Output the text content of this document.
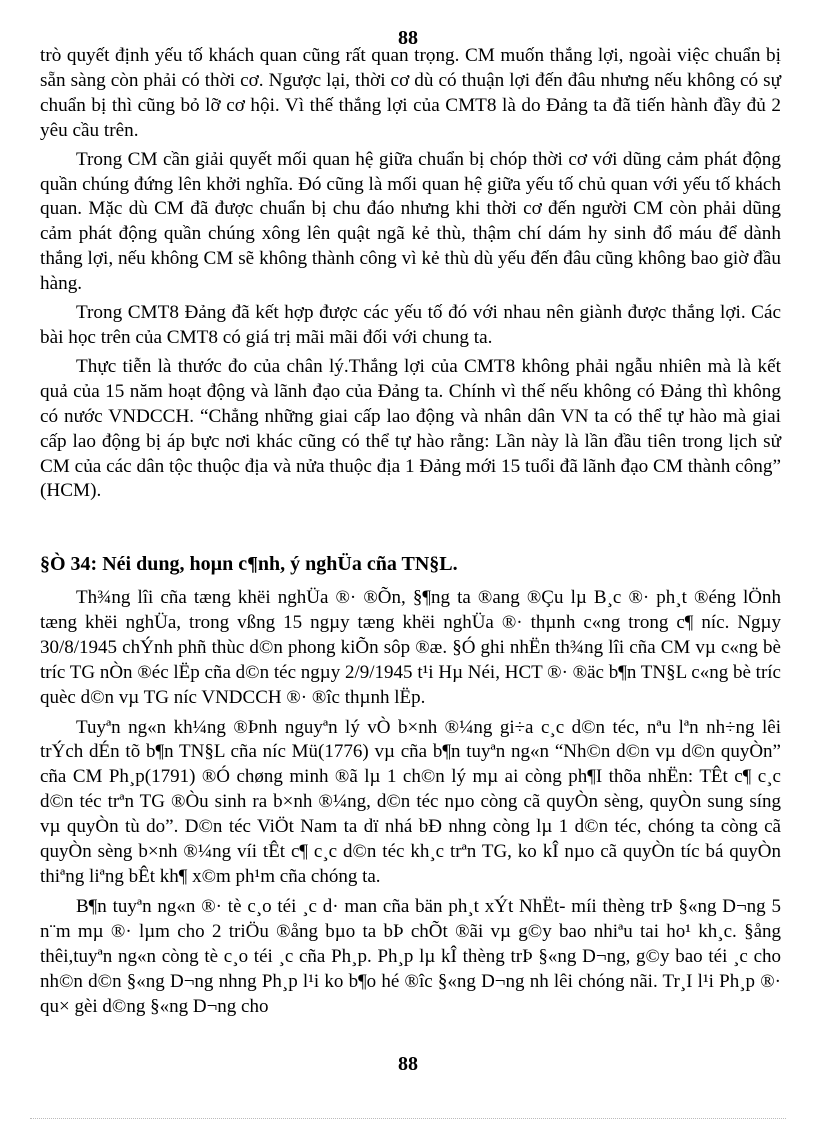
88

trò quyết định yếu tố khách quan cũng rất quan trọng. CM muốn thắng lợi, ngoài việc chuẩn bị sẵn sàng còn phải có thời cơ. Ngược lại, thời cơ dù có thuận lợi đến đâu nhưng nếu không có sự chuẩn bị thì cũng bỏ lỡ cơ hội. Vì thế thắng lợi của CMT8 là do Đảng ta đã tiến hành đầy đủ 2 yêu cầu trên.

Trong CM cần giải quyết mối quan hệ giữa chuẩn bị chóp thời cơ với dũng cảm phát động quần chúng đứng lên khởi nghĩa. Đó cũng là mối quan hệ giữa yếu tố chủ quan với yếu tố khách quan. Mặc dù CM đã được chuẩn bị chu đáo nhưng khi thời cơ đến người CM còn phải dũng cảm phát động quần chúng xông lên quật ngã kẻ thù, thậm chí dám hy sinh đổ máu để dành thắng lợi, nếu không CM sẽ không thành công vì kẻ thù dù yếu đến đâu cũng không bao giờ đầu hàng.

Trong CMT8 Đảng đã kết hợp được các yếu tố đó với nhau nên giành được thắng lợi. Các bài học trên của CMT8 có giá trị mãi mãi đối với chung ta.

Thực tiễn là thước đo của chân lý.Thắng lợi của CMT8 không phải ngẫu nhiên mà là kết quả của 15 năm hoạt động và lãnh đạo của Đảng ta. Chính vì thế nếu không có Đảng thì không có nước VNDCCH. “Chẳng những giai cấp lao động và nhân dân VN ta có thể tự hào mà giai cấp lao động bị áp bực nơi khác cũng có thể tự hào rằng: Lần này là lần đầu tiên trong lịch sử CM của các dân tộc thuộc địa và nửa thuộc địa 1 Đảng mới 15 tuổi đã lãnh đạo CM thành công” (HCM).

§Ò 34: Néi dung, hoµn c¶nh, ý nghÜa cña TN§L.

Th¾ng lîi cña tæng khëi nghÜa ®· ®Õn, §¶ng ta ®ang ®Çu lµ B¸c ®· ph¸t ®éng lÖnh tæng khëi nghÜa, trong vßng 15 ngµy tæng khëi nghÜa ®· thµnh c«ng trong c¶ níc. Ngµy 30/8/1945 chÝnh phñ thùc d©n phong kiÕn sôp ®æ. §Ó ghi nhËn th¾ng lîi cña CM vµ c«ng bè tríc TG nÒn ®éc lËp cña d©n téc ngµy 2/9/1945 t¹i Hµ Néi, HCT ®· ®äc b¶n TN§L c«ng bè tríc quèc d©n vµ TG níc VNDCCH ®· ®îc thµnh lËp.

Tuyªn ng«n kh¼ng ®Þnh nguyªn lý vÒ b×nh ®¼ng gi÷a c¸c d©n téc, nªu lªn nh÷ng lêi trÝch dÉn tõ b¶n TN§L cña níc Mü(1776) vµ cña b¶n tuyªn ng«n “Nh©n d©n vµ d©n quyÒn” cña CM Ph¸p(1791) ®Ó chøng minh ®ã lµ 1 ch©n lý mµ ai còng ph¶I thõa nhËn: TÊt c¶ c¸c d©n téc trªn TG ®Òu sinh ra b×nh ®¼ng, d©n téc nµo còng cã quyÒn sèng, quyÒn sung síng vµ quyÒn tù do”. D©n téc ViÖt Nam ta dï nhá bÐ nhng còng lµ 1 d©n téc, chóng ta còng cã quyÒn sèng b×nh ®¼ng víi tÊt c¶ c¸c d©n téc kh¸c trªn TG, ko kÎ nµo cã quyÒn tíc bá quyÒn thiªng liªng bÊt kh¶ x©m ph¹m cña chóng ta.

B¶n tuyªn ng«n ®· tè c¸o téi ¸c d· man cña bän ph¸t xÝt NhËt- míi thèng trÞ §«ng D¬ng 5 n¨m mµ ®· lµm cho 2 triÖu ®ång bµo ta bÞ chÕt ®ãi vµ g©y bao nhiªu tai ho¹ kh¸c. §ång thêi,tuyªn ng«n còng tè c¸o téi ¸c cña Ph¸p. Ph¸p lµ kÎ thèng trÞ §«ng D¬ng, g©y bao téi ¸c cho nh©n d©n §«ng D¬ng nhng Ph¸p l¹i ko b¶o hé ®îc §«ng D¬ng nh lêi chóng nãi. Tr¸I l¹i Ph¸p ®· qu× gèi d©ng §«ng D¬ng cho

88
